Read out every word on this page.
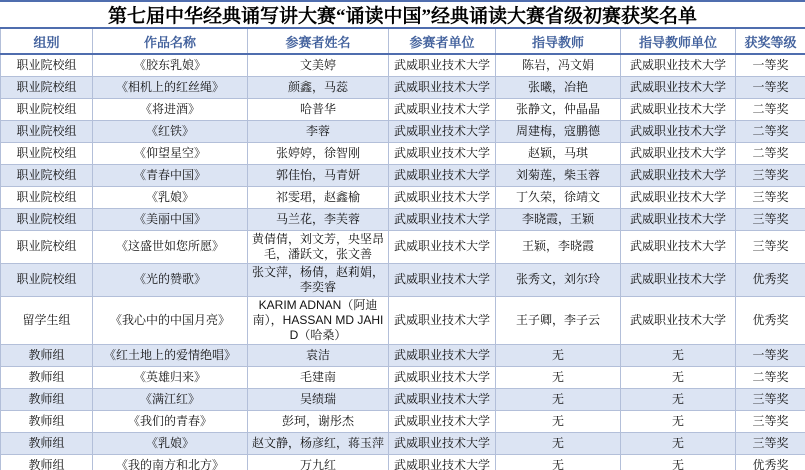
第七届中华经典诵写讲大赛“诵读中国”经典诵读大赛省级初赛获奖名单
组别	作品名称	参赛者姓名	参赛者单位	指导教师	指导教师单位	获奖等级
职业院校组	《胶东乳娘》	文美婷	武威职业技术大学	陈岩，冯文娟	武威职业技术大学	一等奖
职业院校组	《相机上的红丝绳》	颜鑫，马蕊	武威职业技术大学	张曦，冶艳	武威职业技术大学	一等奖
职业院校组	《将进酒》	哈普华	武威职业技术大学	张静文，仲晶晶	武威职业技术大学	二等奖
职业院校组	《红铁》	李蓉	武威职业技术大学	周建梅，寇鹏德	武威职业技术大学	二等奖
职业院校组	《仰望星空》	张婷婷，徐智刚	武威职业技术大学	赵颖，马琪	武威职业技术大学	二等奖
职业院校组	《青春中国》	郭佳怡，马青妍	武威职业技术大学	刘菊莲，柴玉蓉	武威职业技术大学	三等奖
职业院校组	《乳娘》	祁雯珺，赵鑫榆	武威职业技术大学	丁久荣，徐靖文	武威职业技术大学	三等奖
职业院校组	《美丽中国》	马兰花，李芙蓉	武威职业技术大学	李晓霞，王颖	武威职业技术大学	三等奖
职业院校组	《这盛世如您所愿》	黄倩倩，刘文芳，央坚昂毛，潘跃文，张文善	武威职业技术大学	王颖，李晓霞	武威职业技术大学	三等奖
职业院校组	《光的赞歌》	张文萍，杨倩，赵莉娟，李奕睿	武威职业技术大学	张秀文，刘尔玲	武威职业技术大学	优秀奖
留学生组	《我心中的中国月亮》	KARIM ADNAN（阿迪南），HASSAN MD JAHID（哈桑）	武威职业技术大学	王子卿，李子云	武威职业技术大学	优秀奖
教师组	《红土地上的爱情绝唱》	袁洁	武威职业技术大学	无	无	一等奖
教师组	《英雄归来》	毛建南	武威职业技术大学	无	无	二等奖
教师组	《满江红》	吴绩瑞	武威职业技术大学	无	无	三等奖
教师组	《我们的青春》	彭珂，谢彤杰	武威职业技术大学	无	无	三等奖
教师组	《乳娘》	赵文静，杨彦红，蒋玉萍	武威职业技术大学	无	无	三等奖
教师组	《我的南方和北方》	万九红	武威职业技术大学	无	无	优秀奖
